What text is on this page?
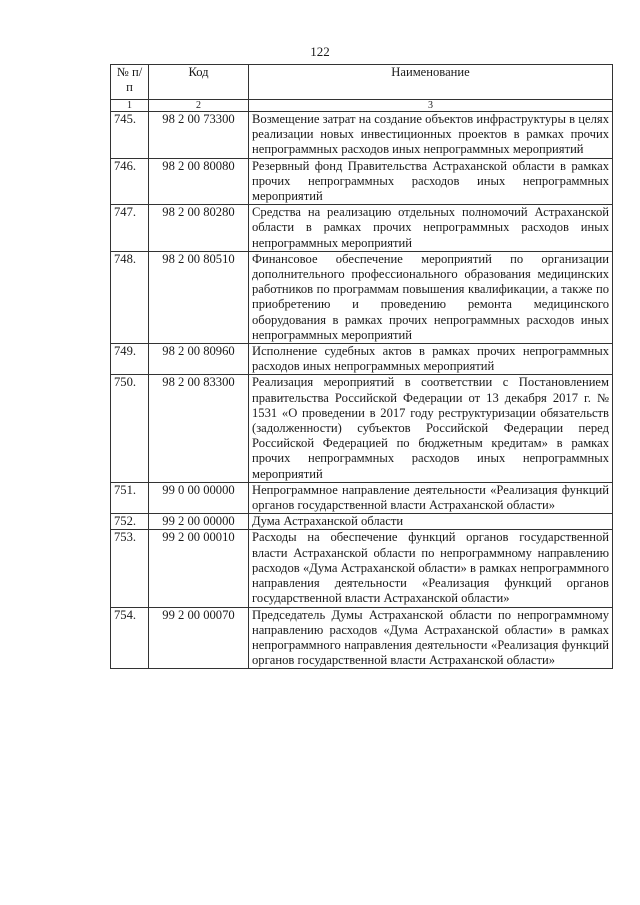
122
№ п/п	Код	Наименование
1	2	3
745.	98 2 00 73300	Возмещение затрат на создание объектов инфраструктуры в целях реализации новых инвестиционных проектов в рамках прочих непрограммных расходов иных непрограммных мероприятий
746.	98 2 00 80080	Резервный фонд Правительства Астраханской области в рамках прочих непрограммных расходов иных непрограммных мероприятий
747.	98 2 00 80280	Средства на реализацию отдельных полномочий Астраханской области в рамках прочих непрограммных расходов иных непрограммных мероприятий
748.	98 2 00 80510	Финансовое обеспечение мероприятий по организации дополнительного профессионального образования медицинских работников по программам повышения квалификации, а также по приобретению и проведению ремонта медицинского оборудования в рамках прочих непрограммных расходов иных непрограммных мероприятий
749.	98 2 00 80960	Исполнение судебных актов в рамках прочих непрограммных расходов иных непрограммных мероприятий
750.	98 2 00 83300	Реализация мероприятий в соответствии с Постановлением правительства Российской Федерации от 13 декабря 2017 г. № 1531 «О проведении в 2017 году реструктуризации обязательств (задолженности) субъектов Российской Федерации перед Российской Федерацией по бюджетным кредитам» в рамках прочих непрограммных расходов иных непрограммных мероприятий
751.	99 0 00 00000	Непрограммное направление деятельности «Реализация функций органов государственной власти Астраханской области»
752.	99 2 00 00000	Дума Астраханской области
753.	99 2 00 00010	Расходы на обеспечение функций органов государственной власти Астраханской области по непрограммному направлению расходов «Дума Астраханской области» в рамках непрограммного направления деятельности «Реализация функций органов государственной власти Астраханской области»
754.	99 2 00 00070	Председатель Думы Астраханской области по непрограммному направлению расходов «Дума Астраханской области» в рамках непрограммного направления деятельности «Реализация функций органов государственной власти Астраханской области»
